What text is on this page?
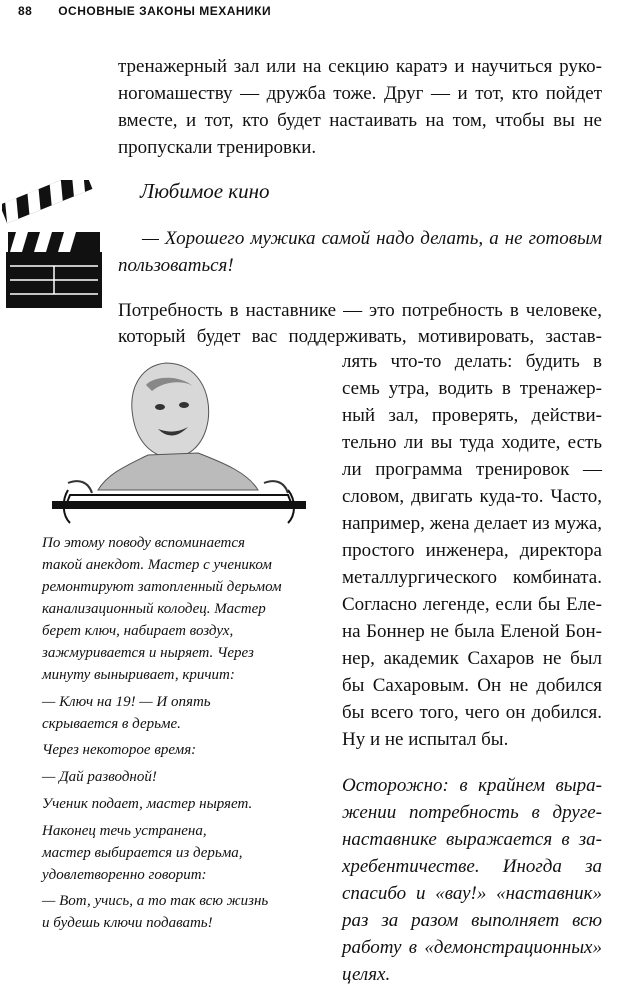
88 ОСНОВНЫЕ ЗАКОНЫ МЕХАНИКИ
тренажерный зал или на секцию каратэ и научиться руко-
ногомашеству — дружба тоже. Друг — и тот, кто пойдет
вместе, и тот, кто будет настаивать на том, чтобы вы не
пропускали тренировки.
Любимое кино
— Хорошего мужика самой надо делать, а не готовым
пользоваться!
Потребность в наставнике — это потребность в человеке,
который будет вас поддерживать, мотивировать, застав-
лять что-то делать: будить в
семь утра, водить в тренажер-
ный зал, проверять, действи-
тельно ли вы туда ходите, есть
ли программа тренировок —
словом, двигать куда-то. Часто,
например, жена делает из мужа,
простого инженера, директора
металлургического комбината.
Согласно легенде, если бы Еле-
на Боннер не была Еленой Бон-
нер, академик Сахаров не был
бы Сахаровым. Он не добился
бы всего того, чего он добился.
Ну и не испытал бы.
Осторожно: в крайнем выра-
жении потребность в друге-
наставнике выражается в за-
хребентичестве. Иногда за
спасибо и «вау!» «наставник»
раз за разом выполняет всю
работу в «демонстрационных»
целях.
По этому поводу вспоминается
такой анекдот. Мастер с учеником
ремонтируют затопленный дерьмом
канализационный колодец. Мастер
берет ключ, набирает воздух,
зажмуривается и ныряет. Через
минуту выныривает, кричит:
— Ключ на 19! — И опять
скрывается в дерьме.
Через некоторое время:
— Дай разводной!
Ученик подает, мастер ныряет.
Наконец течь устранена,
мастер выбирается из дерьма,
удовлетворенно говорит:
— Вот, учись, а то так всю жизнь
и будешь ключи подавать!
